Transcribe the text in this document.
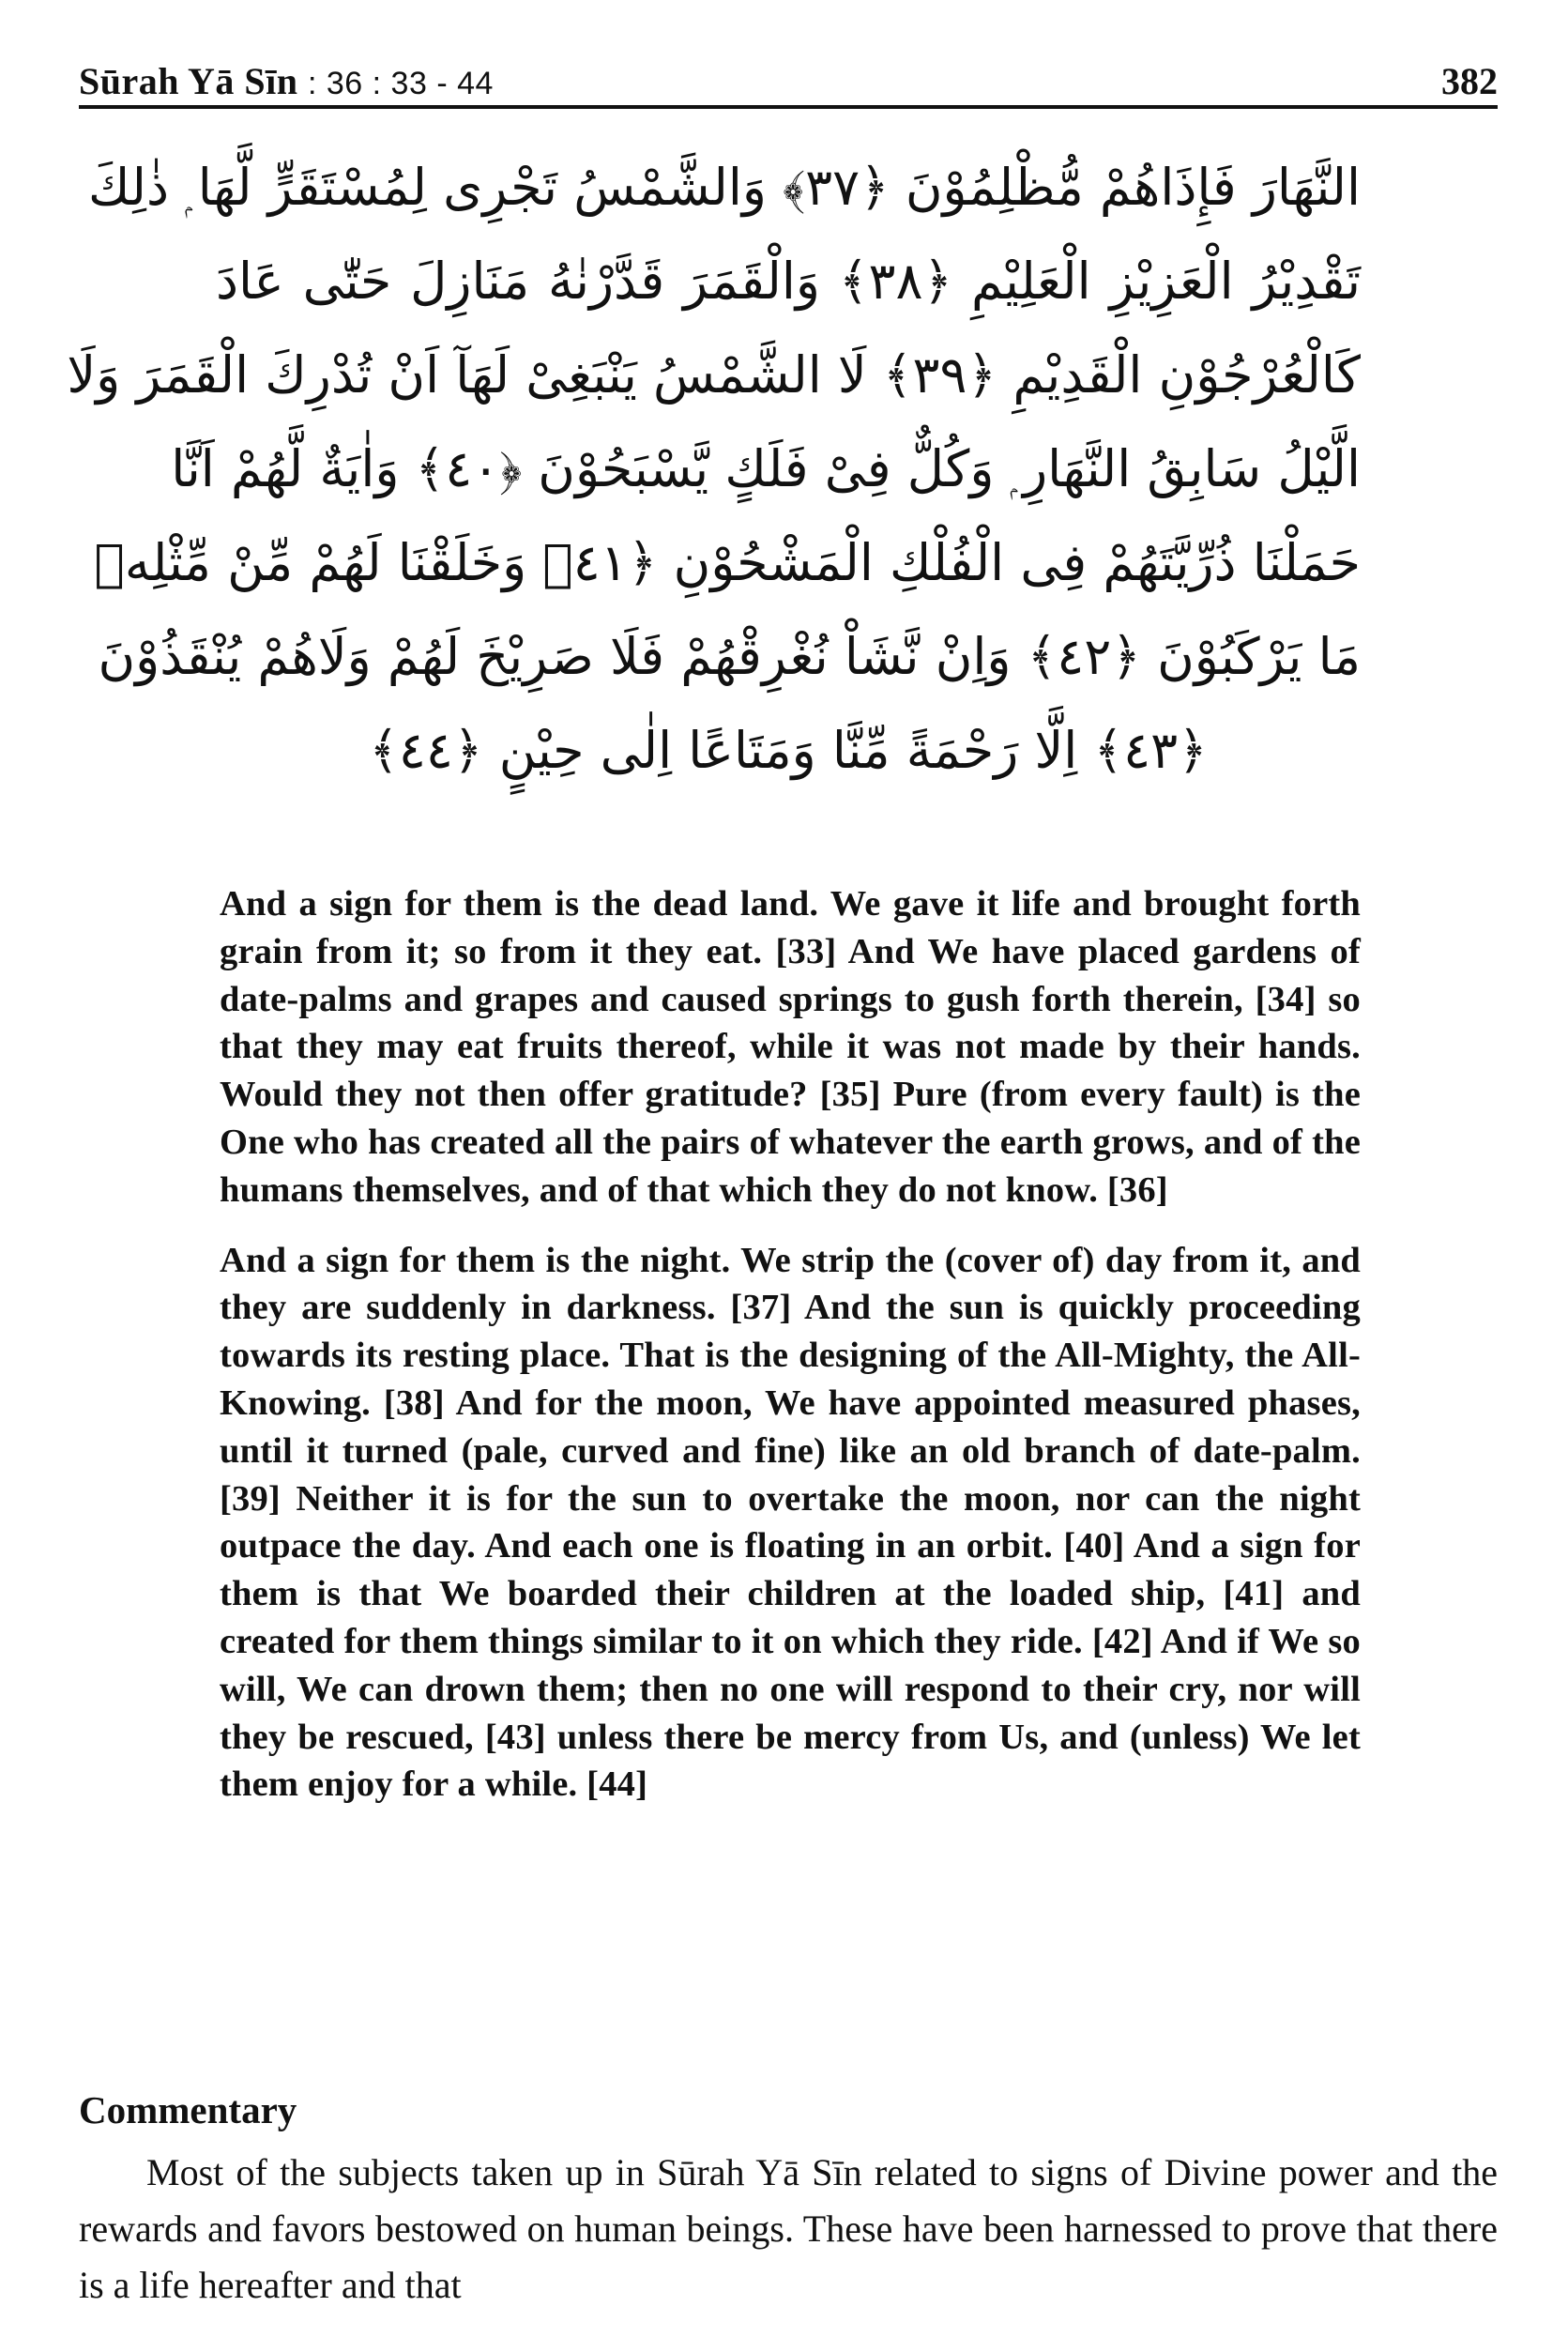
Sūrah Yā Sīn : 36 : 33 - 44	382
النَّهَارَ فَإِذَاهُمْ مُّظْلِمُوْنَ ﴿٣٧﴾ وَالشَّمْسُ تَجْرِى لِمُسْتَقَرٍّ لَّهَا ۭ ذٰلِكَ
تَقْدِيْرُ الْعَزِيْزِ الْعَلِيْمِ ﴿٣٨﴾ وَالْقَمَرَ قَدَّرْنٰهُ مَنَازِلَ حَتّٰى عَادَ
كَالْعُرْجُوْنِ الْقَدِيْمِ ﴿٣٩﴾ لَا الشَّمْسُ يَنْبَغِىْ لَهَآ اَنْ تُدْرِكَ الْقَمَرَ وَلَا
الَّيْلُ سَابِقُ النَّهَارِ ۭ وَكُلٌّ فِىْ فَلَكٍ يَّسْبَحُوْنَ ﴿٤٠﴾ وَاٰيَةٌ لَّهُمْ اَنَّا
حَمَلْنَا ذُرِّيَّتَهُمْ فِى الْفُلْكِ الْمَشْحُوْنِ ﴿٤١﴾ وَخَلَقْنَا لَهُمْ مِّنْ مِّثْلِهٖ
مَا يَرْكَبُوْنَ ﴿٤٢﴾ وَاِنْ نَّشَاْ نُغْرِقْهُمْ فَلَا صَرِيْخَ لَهُمْ وَلَاهُمْ يُنْقَذُوْنَ
﴿٤٣﴾ اِلَّا رَحْمَةً مِّنَّا وَمَتَاعًا اِلٰى حِيْنٍ ﴿٤٤﴾

And a sign for them is the dead land. We gave it life and brought forth grain from it; so from it they eat. [33] And We have placed gardens of date-palms and grapes and caused springs to gush forth therein, [34] so that they may eat fruits thereof, while it was not made by their hands. Would they not then offer gratitude? [35] Pure (from every fault) is the One who has created all the pairs of whatever the earth grows, and of the humans themselves, and of that which they do not know. [36]

And a sign for them is the night. We strip the (cover of) day from it, and they are suddenly in darkness. [37] And the sun is quickly proceeding towards its resting place. That is the designing of the All-Mighty, the All-Knowing. [38] And for the moon, We have appointed measured phases, until it turned (pale, curved and fine) like an old branch of date-palm. [39] Neither it is for the sun to overtake the moon, nor can the night outpace the day. And each one is floating in an orbit. [40] And a sign for them is that We boarded their children at the loaded ship, [41] and created for them things similar to it on which they ride. [42] And if We so will, We can drown them; then no one will respond to their cry, nor will they be rescued, [43] unless there be mercy from Us, and (unless) We let them enjoy for a while. [44]

Commentary
Most of the subjects taken up in Sūrah Yā Sīn related to signs of Divine power and the rewards and favors bestowed on human beings. These have been harnessed to prove that there is a life hereafter and that
